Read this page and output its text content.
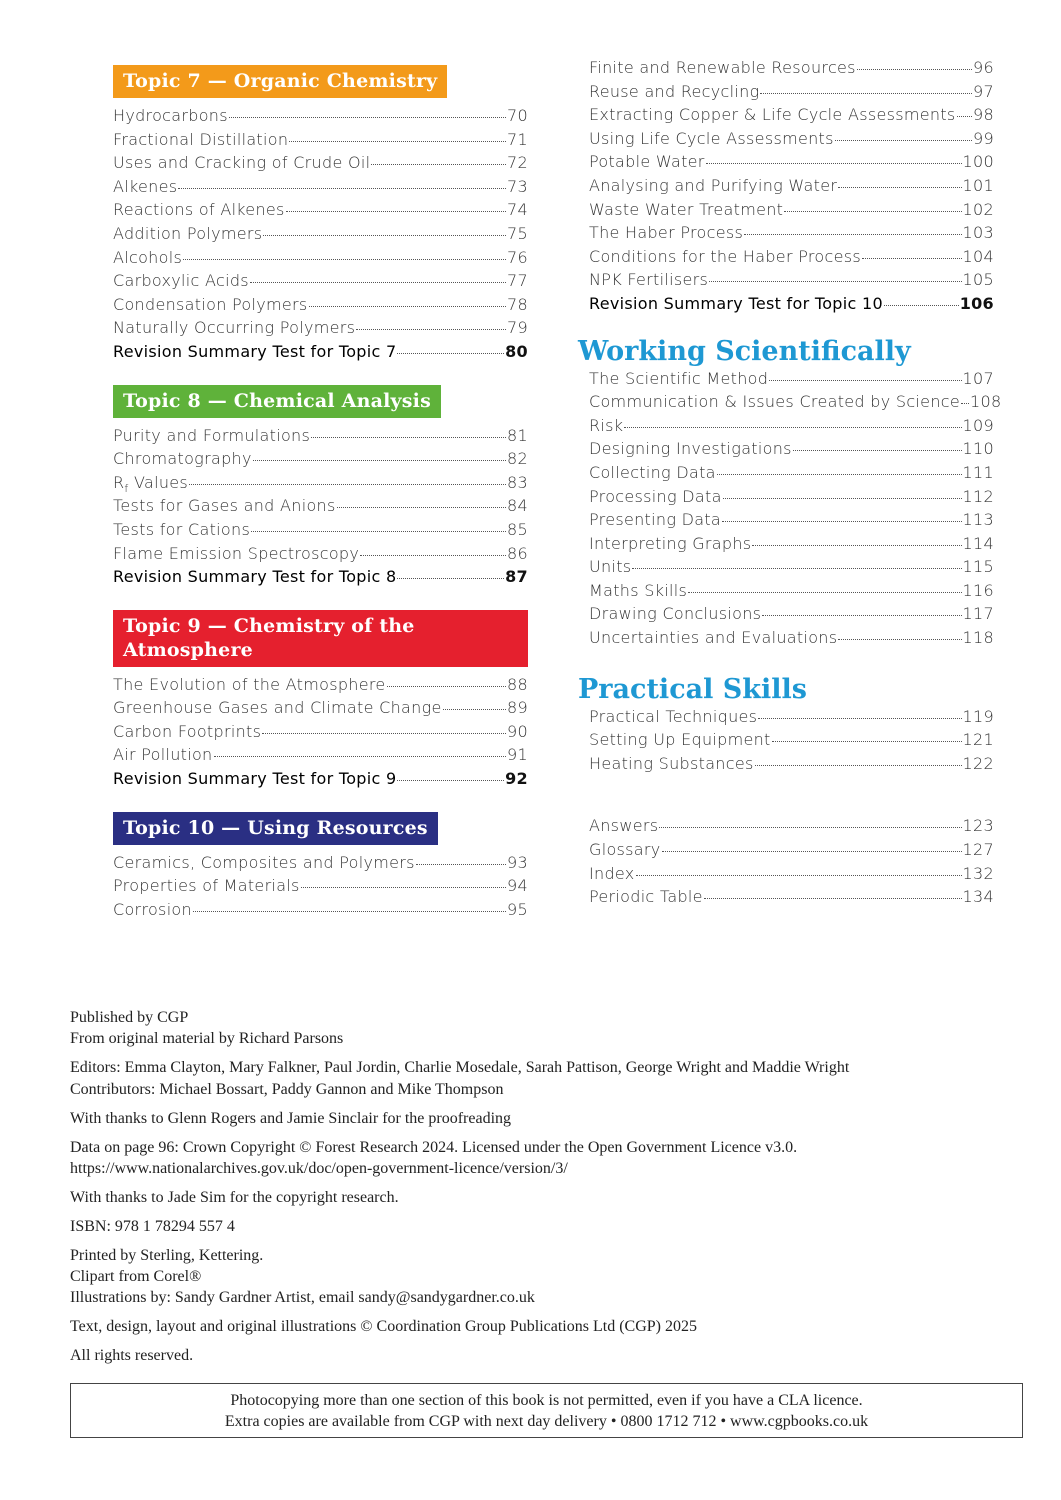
Topic 7 — Organic Chemistry
Hydrocarbons	70
Fractional Distillation	71
Uses and Cracking of Crude Oil	72
Alkenes	73
Reactions of Alkenes	74
Addition Polymers	75
Alcohols	76
Carboxylic Acids	77
Condensation Polymers	78
Naturally Occurring Polymers	79
Revision Summary Test for Topic 7	80
Topic 8 — Chemical Analysis
Purity and Formulations	81
Chromatography	82
$R_f$ Values	83
Tests for Gases and Anions	84
Tests for Cations	85
Flame Emission Spectroscopy	86
Revision Summary Test for Topic 8	87
Topic 9 — Chemistry of the Atmosphere
The Evolution of the Atmosphere	88
Greenhouse Gases and Climate Change	89
Carbon Footprints	90
Air Pollution	91
Revision Summary Test for Topic 9	92
Topic 10 — Using Resources
Ceramics, Composites and Polymers	93
Properties of Materials	94
Corrosion	95
Finite and Renewable Resources	96
Reuse and Recycling	97
Extracting Copper & Life Cycle Assessments 98
Using Life Cycle Assessments	99
Potable Water	100
Analysing and Purifying Water	101
Waste Water Treatment	102
The Haber Process	103
Conditions for the Haber Process	104
NPK Fertilisers	105
Revision Summary Test for Topic 10	106
Working Scientifically
The Scientific Method	107
Communication & Issues Created by Science 108
Risk	109
Designing Investigations	110
Collecting Data	111
Processing Data	112
Presenting Data	113
Interpreting Graphs	114
Units	115
Maths Skills	116
Drawing Conclusions	117
Uncertainties and Evaluations	118
Practical Skills
Practical Techniques	119
Setting Up Equipment	121
Heating Substances	122
Answers	123
Glossary	127
Index	132
Periodic Table	134

Published by CGP
From original material by Richard Parsons

Editors: Emma Clayton, Mary Falkner, Paul Jordin, Charlie Mosedale, Sarah Pattison, George Wright and Maddie Wright
Contributors: Michael Bossart, Paddy Gannon and Mike Thompson

With thanks to Glenn Rogers and Jamie Sinclair for the proofreading

Data on page 96: Crown Copyright © Forest Research 2024. Licensed under the Open Government Licence v3.0.
https://www.nationalarchives.gov.uk/doc/open-government-licence/version/3/

With thanks to Jade Sim for the copyright research.

ISBN: 978 1 78294 557 4

Printed by Sterling, Kettering.
Clipart from Corel®
Illustrations by: Sandy Gardner Artist, email sandy@sandygardner.co.uk

Text, design, layout and original illustrations © Coordination Group Publications Ltd (CGP) 2025

All rights reserved.

Photocopying more than one section of this book is not permitted, even if you have a CLA licence.
Extra copies are available from CGP with next day delivery • 0800 1712 712 • www.cgpbooks.co.uk
